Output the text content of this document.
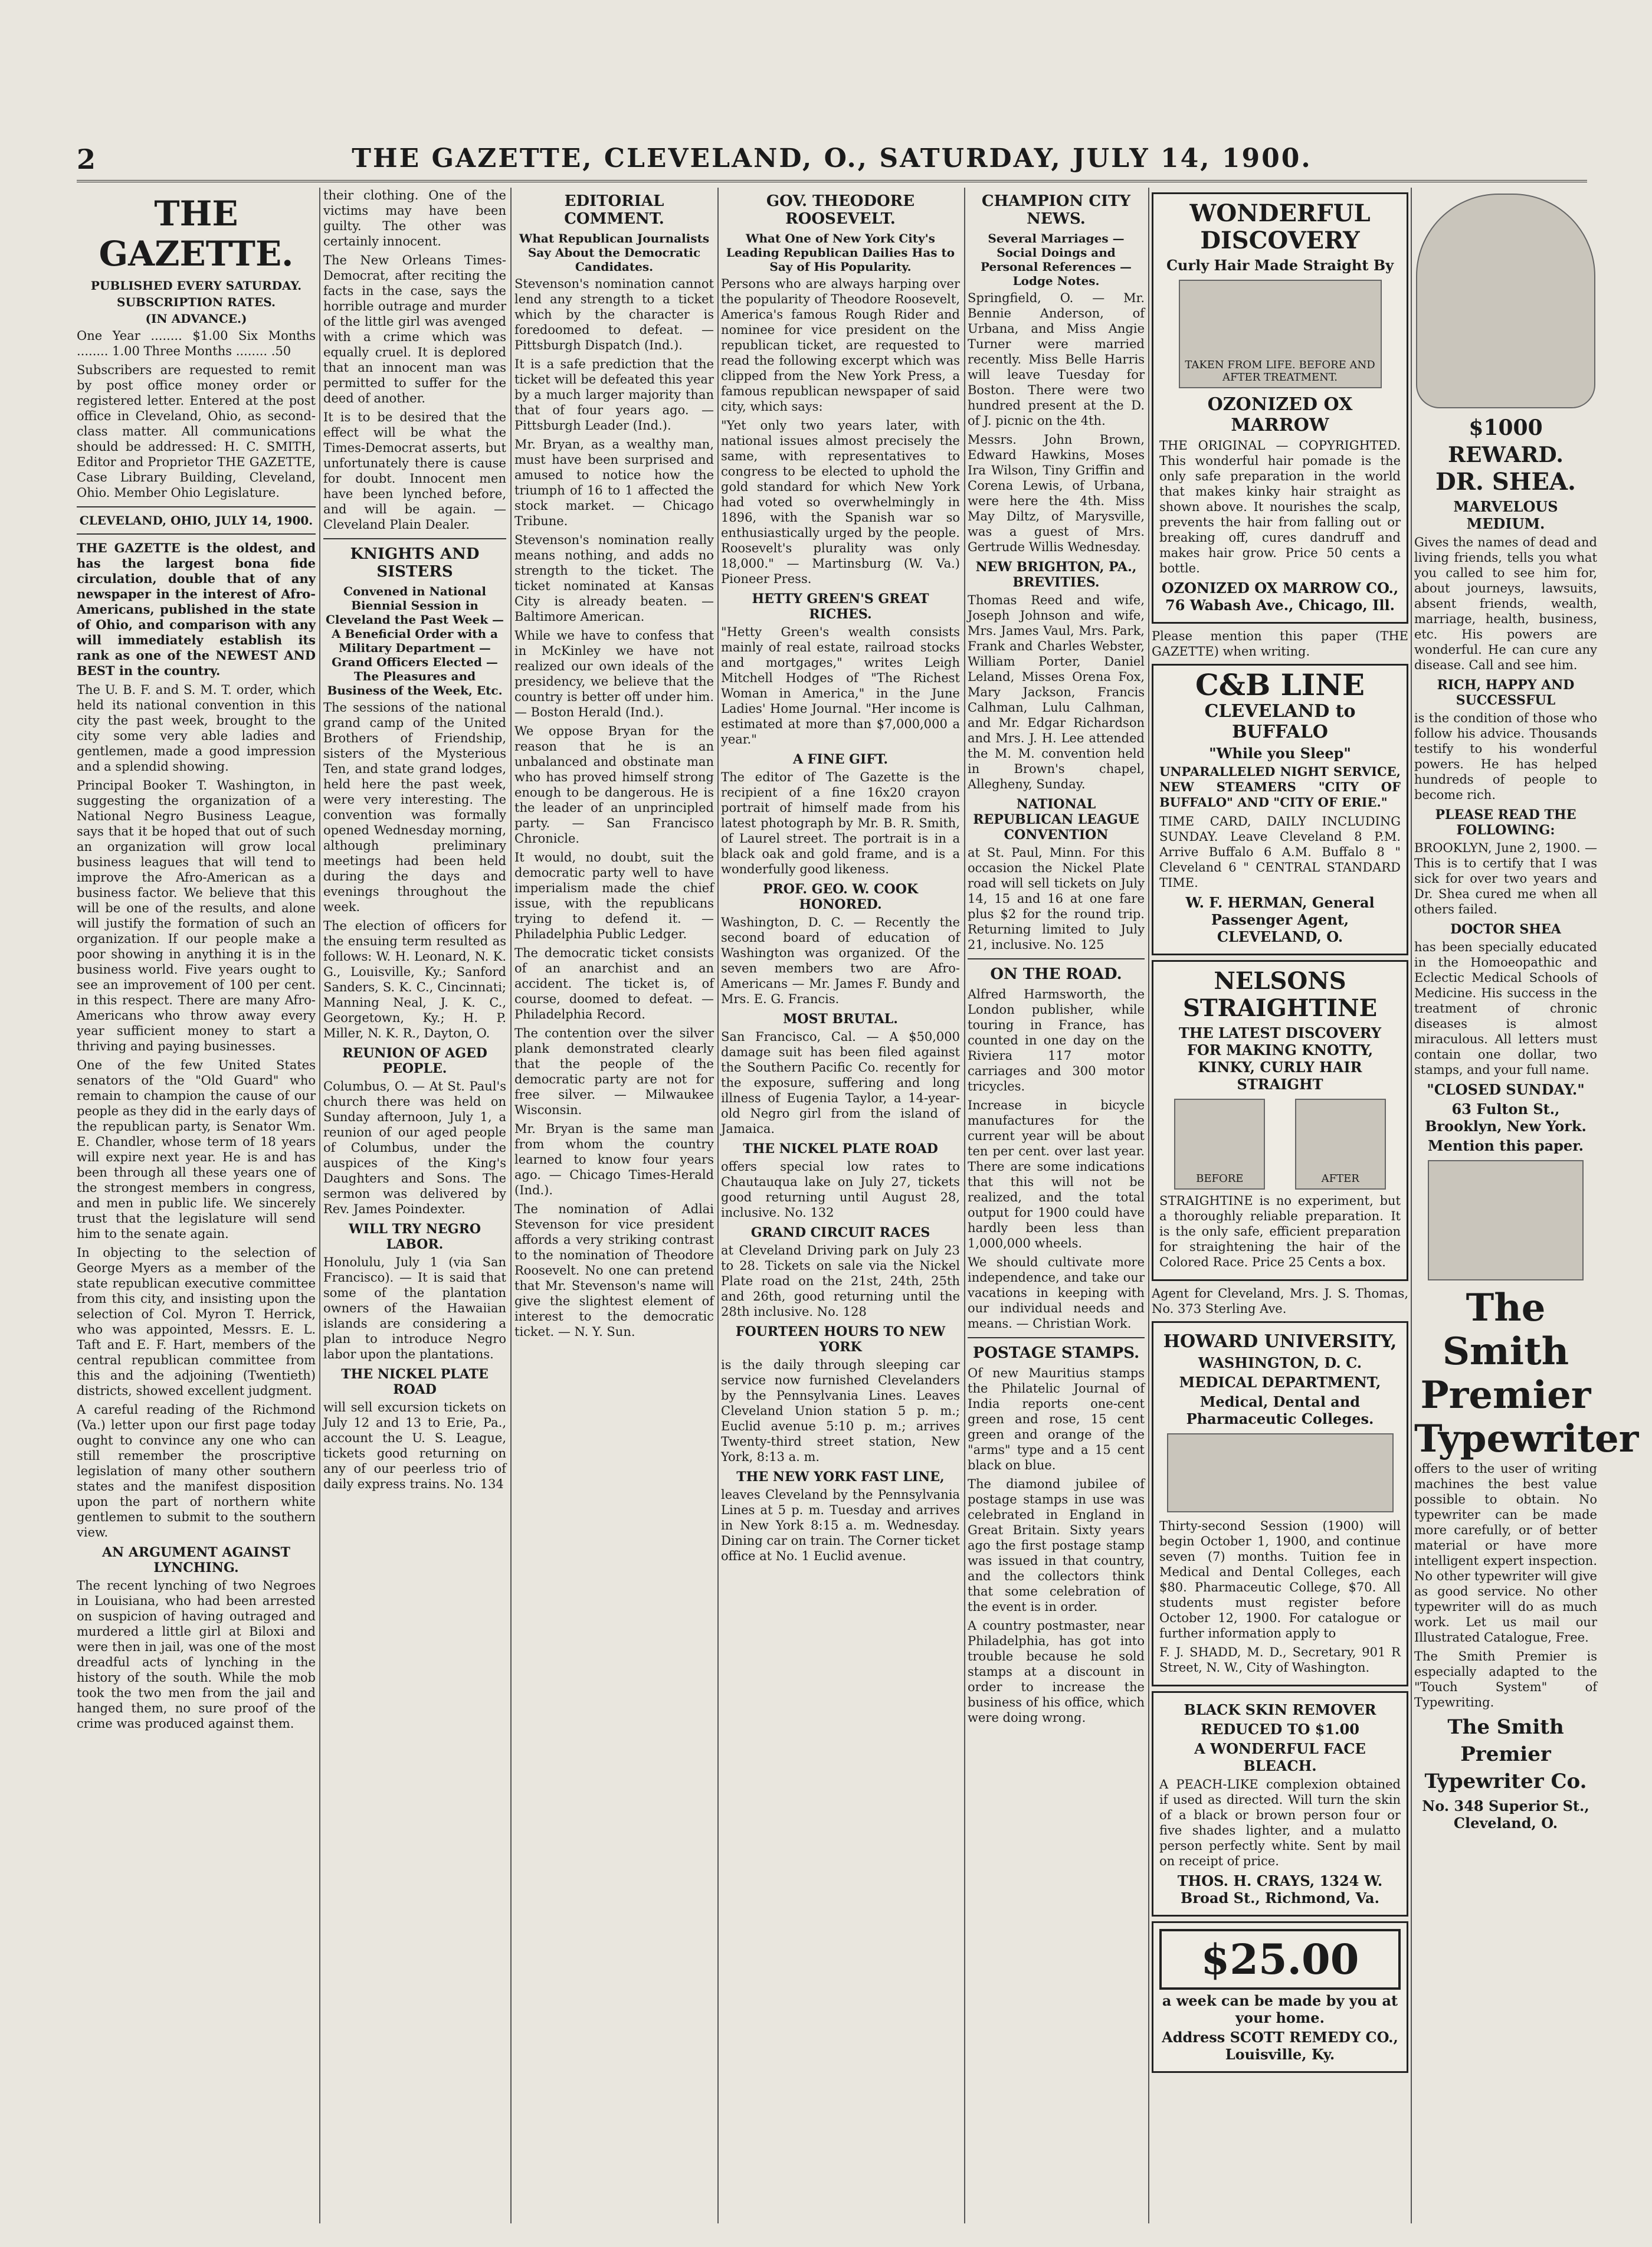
2	THE GAZETTE, CLEVELAND, O., SATURDAY, JULY 14, 1900.
THE GAZETTE.
PUBLISHED EVERY SATURDAY.
SUBSCRIPTION RATES.
(IN ADVANCE.)

One Year ........ $1.00 Six Months ........ 1.00 Three Months ........ .50

Subscribers are requested to remit by post office money order or registered letter. Entered at the post office in Cleveland, Ohio, as second-class matter. All communications should be addressed: H. C. SMITH, Editor and Proprietor THE GAZETTE, Case Library Building, Cleveland, Ohio. Member Ohio Legislature.

CLEVELAND, OHIO, JULY 14, 1900.

THE GAZETTE is the oldest, and has the largest bona fide circulation, double that of any newspaper in the interest of Afro-Americans, published in the state of Ohio, and comparison with any will immediately establish its rank as one of the NEWEST AND BEST in the country.

The U. B. F. and S. M. T. order, which held its national convention in this city the past week, brought to the city some very able ladies and gentlemen, made a good impression and a splendid showing.

Principal Booker T. Washington, in suggesting the organization of a National Negro Business League, says that it be hoped that out of such an organization will grow local business leagues that will tend to improve the Afro-American as a business factor. We believe that this will be one of the results, and alone will justify the formation of such an organization. If our people make a poor showing in anything it is in the business world. Five years ought to see an improvement of 100 per cent. in this respect. There are many Afro-Americans who throw away every year sufficient money to start a thriving and paying businesses.

One of the few United States senators of the "Old Guard" who remain to champion the cause of our people as they did in the early days of the republican party, is Senator Wm. E. Chandler, whose term of 18 years will expire next year. He is and has been through all these years one of the strongest members in congress, and men in public life. We sincerely trust that the legislature will send him to the senate again.

In objecting to the selection of George Myers as a member of the state republican executive committee from this city, and insisting upon the selection of Col. Myron T. Herrick, who was appointed, Messrs. E. L. Taft and E. F. Hart, members of the central republican committee from this and the adjoining (Twentieth) districts, showed excellent judgment.

A careful reading of the Richmond (Va.) letter upon our first page today ought to convince any one who can still remember the proscriptive legislation of many other southern states and the manifest disposition upon the part of northern white gentlemen to submit to the southern view.

AN ARGUMENT AGAINST LYNCHING.

The recent lynching of two Negroes in Louisiana, who had been arrested on suspicion of having outraged and murdered a little girl at Biloxi and were then in jail, was one of the most dreadful acts of lynching in the history of the south. While the mob took the two men from the jail and hanged them, no sure proof of the crime was produced against them.

their clothing. One of the victims may have been guilty. The other was certainly innocent.

The New Orleans Times-Democrat, after reciting the facts in the case, says the horrible outrage and murder of the little girl was avenged with a crime which was equally cruel. It is deplored that an innocent man was permitted to suffer for the deed of another.

It is to be desired that the effect will be what the Times-Democrat asserts, but unfortunately there is cause for doubt. Innocent men have been lynched before, and will be again. — Cleveland Plain Dealer.

KNIGHTS AND SISTERS
Convened in National Biennial Session in Cleveland the Past Week — A Beneficial Order with a Military Department — Grand Officers Elected — The Pleasures and Business of the Week, Etc.

The sessions of the national grand camp of the United Brothers of Friendship, sisters of the Mysterious Ten, and state grand lodges, held here the past week, were very interesting. The convention was formally opened Wednesday morning, although preliminary meetings had been held during the days and evenings throughout the week.

The election of officers for the ensuing term resulted as follows: W. H. Leonard, N. K. G., Louisville, Ky.; Sanford Sanders, S. K. C., Cincinnati; Manning Neal, J. K. C., Georgetown, Ky.; H. P. Miller, N. K. R., Dayton, O.

REUNION OF AGED PEOPLE.

Columbus, O. — At St. Paul's church there was held on Sunday afternoon, July 1, a reunion of our aged people of Columbus, under the auspices of the King's Daughters and Sons. The sermon was delivered by Rev. James Poindexter.

WILL TRY NEGRO LABOR.

Honolulu, July 1 (via San Francisco). — It is said that some of the plantation owners of the Hawaiian islands are considering a plan to introduce Negro labor upon the plantations.

THE NICKEL PLATE ROAD

will sell excursion tickets on July 12 and 13 to Erie, Pa., account the U. S. League, tickets good returning on any of our peerless trio of daily express trains. No. 134

EDITORIAL COMMENT.
What Republican Journalists Say About the Democratic Candidates.

Stevenson's nomination cannot lend any strength to a ticket which by the character is foredoomed to defeat. — Pittsburgh Dispatch (Ind.).

It is a safe prediction that the ticket will be defeated this year by a much larger majority than that of four years ago. — Pittsburgh Leader (Ind.).

Mr. Bryan, as a wealthy man, must have been surprised and amused to notice how the triumph of 16 to 1 affected the stock market. — Chicago Tribune.

Stevenson's nomination really means nothing, and adds no strength to the ticket. The ticket nominated at Kansas City is already beaten. — Baltimore American.

While we have to confess that in McKinley we have not realized our own ideals of the presidency, we believe that the country is better off under him. — Boston Herald (Ind.).

We oppose Bryan for the reason that he is an unbalanced and obstinate man who has proved himself strong enough to be dangerous. He is the leader of an unprincipled party. — San Francisco Chronicle.

It would, no doubt, suit the democratic party well to have imperialism made the chief issue, with the republicans trying to defend it. — Philadelphia Public Ledger.

The democratic ticket consists of an anarchist and an accident. The ticket is, of course, doomed to defeat. — Philadelphia Record.

The contention over the silver plank demonstrated clearly that the people of the democratic party are not for free silver. — Milwaukee Wisconsin.

Mr. Bryan is the same man from whom the country learned to know four years ago. — Chicago Times-Herald (Ind.).

The nomination of Adlai Stevenson for vice president affords a very striking contrast to the nomination of Theodore Roosevelt. No one can pretend that Mr. Stevenson's name will give the slightest element of interest to the democratic ticket. — N. Y. Sun.

GOV. THEODORE ROOSEVELT.
What One of New York City's Leading Republican Dailies Has to Say of His Popularity.

Persons who are always harping over the popularity of Theodore Roosevelt, America's famous Rough Rider and nominee for vice president on the republican ticket, are requested to read the following excerpt which was clipped from the New York Press, a famous republican newspaper of said city, which says:

"Yet only two years later, with national issues almost precisely the same, with representatives to congress to be elected to uphold the gold standard for which New York had voted so overwhelmingly in 1896, with the Spanish war so enthusiastically urged by the people. Roosevelt's plurality was only 18,000." — Martinsburg (W. Va.) Pioneer Press.

HETTY GREEN'S GREAT RICHES.

"Hetty Green's wealth consists mainly of real estate, railroad stocks and mortgages," writes Leigh Mitchell Hodges of "The Richest Woman in America," in the June Ladies' Home Journal. "Her income is estimated at more than $7,000,000 a year."

A FINE GIFT.

The editor of The Gazette is the recipient of a fine 16x20 crayon portrait of himself made from his latest photograph by Mr. B. R. Smith, of Laurel street. The portrait is in a black oak and gold frame, and is a wonderfully good likeness.

PROF. GEO. W. COOK HONORED.

Washington, D. C. — Recently the second board of education of Washington was organized. Of the seven members two are Afro-Americans — Mr. James F. Bundy and Mrs. E. G. Francis.

MOST BRUTAL.

San Francisco, Cal. — A $50,000 damage suit has been filed against the Southern Pacific Co. recently for the exposure, suffering and long illness of Eugenia Taylor, a 14-year-old Negro girl from the island of Jamaica.

THE NICKEL PLATE ROAD

offers special low rates to Chautauqua lake on July 27, tickets good returning until August 28, inclusive. No. 132

GRAND CIRCUIT RACES

at Cleveland Driving park on July 23 to 28. Tickets on sale via the Nickel Plate road on the 21st, 24th, 25th and 26th, good returning until the 28th inclusive. No. 128

FOURTEEN HOURS TO NEW YORK

is the daily through sleeping car service now furnished Clevelanders by the Pennsylvania Lines. Leaves Cleveland Union station 5 p. m.; Euclid avenue 5:10 p. m.; arrives Twenty-third street station, New York, 8:13 a. m.

THE NEW YORK FAST LINE,

leaves Cleveland by the Pennsylvania Lines at 5 p. m. Tuesday and arrives in New York 8:15 a. m. Wednesday. Dining car on train. The Corner ticket office at No. 1 Euclid avenue.

CHAMPION CITY NEWS.
Several Marriages — Social Doings and Personal References — Lodge Notes.

Springfield, O. — Mr. Bennie Anderson, of Urbana, and Miss Angie Turner were married recently. Miss Belle Harris will leave Tuesday for Boston. There were two hundred present at the D. of J. picnic on the 4th.

Messrs. John Brown, Edward Hawkins, Moses Ira Wilson, Tiny Griffin and Corena Lewis, of Urbana, were here the 4th. Miss May Diltz, of Marysville, was a guest of Mrs. Gertrude Willis Wednesday.

NEW BRIGHTON, PA., BREVITIES.

Thomas Reed and wife, Joseph Johnson and wife, Mrs. James Vaul, Mrs. Park, Frank and Charles Webster, William Porter, Daniel Leland, Misses Orena Fox, Mary Jackson, Francis Calhman, Lulu Calhman, and Mr. Edgar Richardson and Mrs. J. H. Lee attended the M. M. convention held in Brown's chapel, Allegheny, Sunday.

NATIONAL REPUBLICAN LEAGUE CONVENTION

at St. Paul, Minn. For this occasion the Nickel Plate road will sell tickets on July 14, 15 and 16 at one fare plus $2 for the round trip. Returning limited to July 21, inclusive. No. 125

ON THE ROAD.

Alfred Harmsworth, the London publisher, while touring in France, has counted in one day on the Riviera 117 motor carriages and 300 motor tricycles.

Increase in bicycle manufactures for the current year will be about ten per cent. over last year. There are some indications that this will not be realized, and the total output for 1900 could have hardly been less than 1,000,000 wheels.

We should cultivate more independence, and take our vacations in keeping with our individual needs and means. — Christian Work.

POSTAGE STAMPS.

Of new Mauritius stamps the Philatelic Journal of India reports one-cent green and rose, 15 cent green and orange of the "arms" type and a 15 cent black on blue.

The diamond jubilee of postage stamps in use was celebrated in England in Great Britain. Sixty years ago the first postage stamp was issued in that country, and the collectors think that some celebration of the event is in order.

A country postmaster, near Philadelphia, has got into trouble because he sold stamps at a discount in order to increase the business of his office, which were doing wrong.

WONDERFUL DISCOVERY
Curly Hair Made Straight By
TAKEN FROM LIFE. BEFORE AND AFTER TREATMENT.
OZONIZED OX MARROW

THE ORIGINAL — COPYRIGHTED. This wonderful hair pomade is the only safe preparation in the world that makes kinky hair straight as shown above. It nourishes the scalp, prevents the hair from falling out or breaking off, cures dandruff and makes hair grow. Price 50 cents a bottle.

OZONIZED OX MARROW CO., 76 Wabash Ave., Chicago, Ill.

Please mention this paper (THE GAZETTE) when writing.

C&B LINE
CLEVELAND to BUFFALO
"While you Sleep"

UNPARALLELED NIGHT SERVICE, NEW STEAMERS "CITY OF BUFFALO" AND "CITY OF ERIE."

TIME CARD, DAILY INCLUDING SUNDAY. Leave Cleveland 8 P.M. Arrive Buffalo 6 A.M. Buffalo 8 " Cleveland 6 " CENTRAL STANDARD TIME.

W. F. HERMAN, General Passenger Agent, CLEVELAND, O.
NELSONS STRAIGHTINE
THE LATEST DISCOVERY FOR MAKING KNOTTY, KINKY, CURLY HAIR STRAIGHT
BEFORE	AFTER

STRAIGHTINE is no experiment, but a thoroughly reliable preparation. It is the only safe, efficient preparation for straightening the hair of the Colored Race. Price 25 Cents a box.

Agent for Cleveland, Mrs. J. S. Thomas, No. 373 Sterling Ave.

HOWARD UNIVERSITY,
WASHINGTON, D. C.
MEDICAL DEPARTMENT,
Medical, Dental and Pharmaceutic Colleges.

Thirty-second Session (1900) will begin October 1, 1900, and continue seven (7) months. Tuition fee in Medical and Dental Colleges, each $80. Pharmaceutic College, $70. All students must register before October 12, 1900. For catalogue or further information apply to

F. J. SHADD, M. D., Secretary, 901 R Street, N. W., City of Washington.

BLACK SKIN REMOVER
REDUCED TO $1.00
A WONDERFUL FACE BLEACH.

A PEACH-LIKE complexion obtained if used as directed. Will turn the skin of a black or brown person four or five shades lighter, and a mulatto person perfectly white. Sent by mail on receipt of price.

THOS. H. CRAYS, 1324 W. Broad St., Richmond, Va.
$25.00
a week can be made by you at your home.
Address SCOTT REMEDY CO., Louisville, Ky.
$1000 REWARD.
DR. SHEA.
MARVELOUS MEDIUM.

Gives the names of dead and living friends, tells you what you called to see him for, about journeys, lawsuits, absent friends, wealth, marriage, health, business, etc. His powers are wonderful. He can cure any disease. Call and see him.

RICH, HAPPY AND SUCCESSFUL

is the condition of those who follow his advice. Thousands testify to his wonderful powers. He has helped hundreds of people to become rich.

PLEASE READ THE FOLLOWING:

BROOKLYN, June 2, 1900. — This is to certify that I was sick for over two years and Dr. Shea cured me when all others failed.

DOCTOR SHEA

has been specially educated in the Homoeopathic and Eclectic Medical Schools of Medicine. His success in the treatment of chronic diseases is almost miraculous. All letters must contain one dollar, two stamps, and your full name.

"CLOSED SUNDAY."
63 Fulton St., Brooklyn, New York.
Mention this paper.
The Smith
Premier
Typewriter

offers to the user of writing machines the best value possible to obtain. No typewriter can be made more carefully, or of better material or have more intelligent expert inspection. No other typewriter will give as good service. No other typewriter will do as much work. Let us mail our Illustrated Catalogue, Free.

The Smith Premier is especially adapted to the "Touch System" of Typewriting.

The Smith Premier Typewriter Co.
No. 348 Superior St., Cleveland, O.
